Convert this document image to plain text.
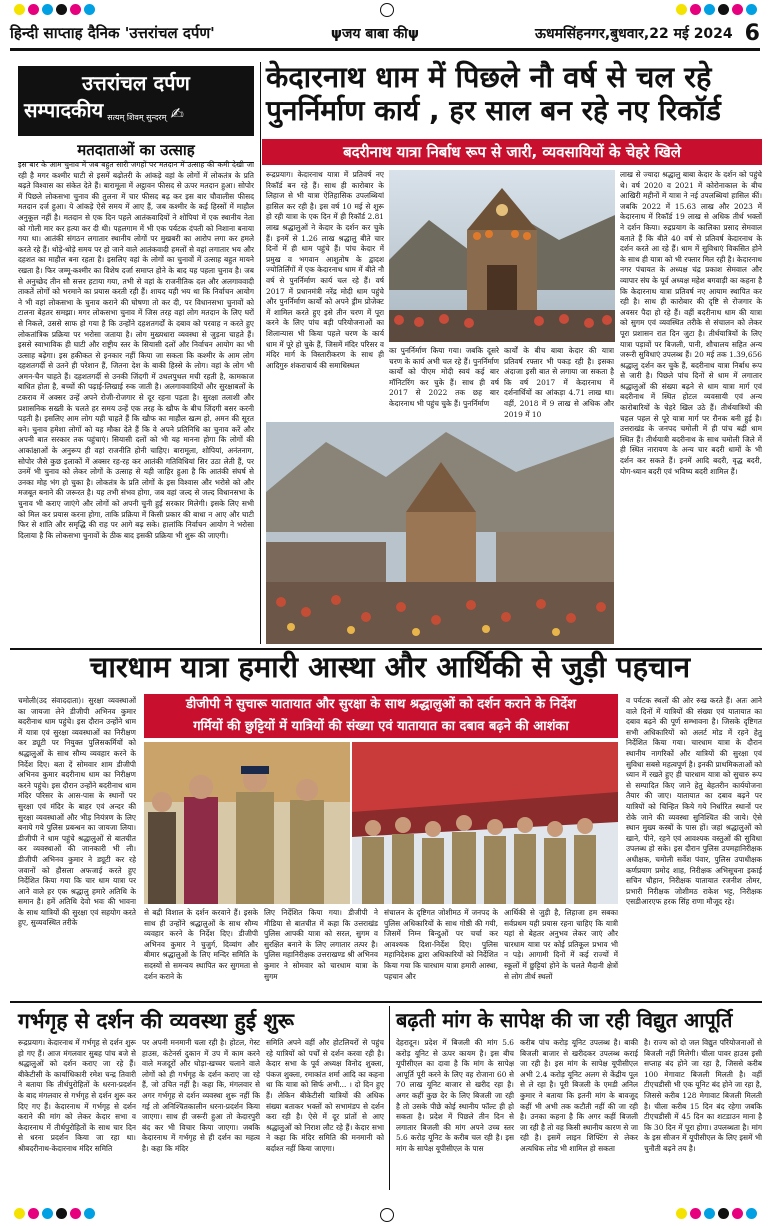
हिन्दी साप्ताह दैनिक 'उत्तरांचल दर्पण'	ψजय बाबा कीψ	ऊधमसिंहनगर,बुधवार,22 मई 2024 6
उत्तरांचल दर्पण
सम्पादकीय सत्यम् शिवम् सुन्दरम् ✍
मतदाताओं का उत्साह
इस बार के आम चुनाव में जब बहुत सारी जगहों पर मतदान में उत्साह की कमी देखी जा रही है मगर कश्मीर घाटी से इसमें बढ़ोतरी के आंकड़े वहां के लोगों में लोकतंत्र के प्रति बढ़ते विश्वास का संकेत देते हैं। बारामूला में अट्ठावन फीसद से ऊपर मतदान हुआ। सोपोर में पिछले लोकसभा चुनाव की तुलना में चार फीसद बढ़ कर इस बार चौवालीस फीसद मतदान दर्ज हुआ। ये आंकड़े ऐसे समय में आए हैं, जब कश्मीर के कई हिस्सों में माहौल अनुकूल नहीं है। मतदान से एक दिन पहले आतंकवादियों ने शोपियां में एक स्थानीय नेता को गोली मार कर हत्या कर दी थी। पहलगाम में भी एक पर्यटक दंपती को निशाना बनाया गया था। आतंकी संगठन लगातार स्थानीय लोगों पर मुखबरी का आरोप लगा कर हमले करते रहे हैं। थोड़े-थोड़े समय पर हो जाने वाले आतंकवादी हमलों से वहां लगातार भय और दहशत का माहौल बना रहता है। इसलिए वहां के लोगों का चुनावों में उत्साह बहुत मायने रखता है। फिर जम्मू-कश्मीर का विशेष दर्जा समाप्त होने के बाद यह पहला चुनाव है। जब से अनुच्छेद तीन सौ सत्तर हटाया गया, तभी से वहां के राजनीतिक दल और अलगाववादी ताकतें लोगों को भरमाने का प्रयास करती रही हैं। शायद यही भय था कि निर्वाचन आयोग ने भी वहां लोकसभा के चुनाव कराने की घोषणा तो कर दी, पर विधानसभा चुनावों को टालना बेहतर समझा। मगर लोकसभा चुनाव में जिस तरह वहां लोग मतदान के लिए घरों से निकले, उससे साफ हो गया है कि उन्होंने दहशतगर्दों के दबाव को परवाह न करते हुए लोकतांत्रिक प्रक्रिया पर भरोसा जताया है। लोग मुख्यधारा व्यवस्था से जुड़ना चाहते हैं। इससे स्वाभाविक ही घाटी और राष्ट्रीय स्तर के सियासी दलों और निर्वाचन आयोग का भी उत्साह बढ़ेगा। इस हकीकत से इनकार नहीं किया जा सकता कि कश्मीर के आम लोग दहशतगर्दी से उतने ही परेशान हैं, जितना देश के बाकी हिस्से के लोग। वहां के लोग भी अमन-चैन चाहते हैं। दहशतगर्दी से उनकी जिंदगी में उथलपुथल मची रहती है, कामकाज बाधित होता है, बच्चों की पढ़ाई-लिखाई रुक जाती है। अलगाववादियों और सुरक्षाबलों के टकराव में अक्सर उन्हें अपने रोजी-रोजगार से दूर रहना पड़ता है। सुरक्षा तलाशी और प्रशासनिक सख्ती के चलते हर समय उन्हें एक तरह के खौफ के बीच जिंदगी बसर करनी पड़ती है। इसलिए आम लोग यही चाहते हैं कि खौफ का माहौल खत्म हो, अमन की सूरत बने। चुनाव हमेशा लोगों को यह मौका देते हैं कि वे अपने प्रतिनिधि का चुनाव करें और अपनी बात सरकार तक पहुंचाएं। सियासी दलों को भी यह मानना होगा कि लोगों की आकांक्षाओं के अनुरूप ही वहां राजनीति होनी चाहिए। बारामूला, शोपियां, अनंतनाग, सोपोर जैसे कुछ इलाकों में अक्सर रह-रह कर आतंकी गतिविधियां सिर उठा लेती हैं, पर उनमें भी चुनाव को लेकर लोगों के उत्साह से यही जाहिर हुआ है कि आतंकी संघर्ष से उनका मोह भंग हो चुका है। लोकतंत्र के प्रति लोगों के इस विश्वास और भरोसे को और मजबूत बनाने की जरूरत है। यह तभी संभव होगा, जब वहां जल्द से जल्द विधानसभा के चुनाव भी कराए जाएंगे और लोगों को अपनी चुनी हुई सरकार मिलेगी। इसके लिए सभी को मिल कर प्रयास करना होगा, ताकि प्रक्रिया में किसी प्रकार की बाधा न आए और घाटी फिर से शांति और समृद्धि की राह पर आगे बढ़ सके। हालांकि निर्वाचन आयोग ने भरोसा दिलाया है कि लोकसभा चुनावों के ठीक बाद इसकी प्रक्रिया भी शुरू की जाएगी।
केदारनाथ धाम में पिछले नौ वर्ष से चल रहे
पुनर्निर्माण कार्य , हर साल बन रहे नए रिकॉर्ड
बदरीनाथ यात्रा निर्बाध रूप से जारी, व्यवसायियों के चेहरे खिले
रूद्रप्रयाग। केदारनाथ यात्रा में प्रतिवर्ष नए रिकॉर्ड बन रहे हैं। साथ ही कारोबार के लिहाज से भी यात्रा ऐतिहासिक उपलब्धियां हासिल कर रही है। इस वर्ष 10 मई से शुरू हो रही यात्रा के एक दिन में ही रिकॉर्ड 2.81 लाख श्रद्धालुओं ने केदार के दर्शन कर चुके हैं। इनमें से 1.26 लाख श्रद्धालु बीते चार दिनों में ही धाम पहुंचे हैं। पांच केदार में प्रमुख व भगवान आशुतोष के द्वादश ज्योतिर्लिंगों में एक केदारनाथ धाम में बीते नौ वर्ष से पुनर्निर्माण कार्य चल रहे हैं। वर्ष 2017 में प्रधानमंत्री नरेंद्र मोदी धाम पहुंचे और पुनर्निर्माण कार्यों को अपने ड्रीम प्रोजेक्ट में शामिल करते हुए इसे तीन चरण में पूरा करने के लिए पांच बड़ी परियोजनाओं का शिलान्यास भी किया पहले चरण के कार्य धाम में पूरे हो चुके हैं, जिसमें मंदिर परिसर व मंदिर मार्ग के विस्तारीकरण के साथ ही आदिगुरु शंकराचार्य की समाधिस्थल
का पुनर्निर्माण किया गया। जबकि दूसरे चरण के कार्य अभी चल रहे हैं। पुनर्निर्माण कार्यों को पीएम मोदी स्वयं कई बार मॉनिटरिंग कर चुके हैं। साथ ही वर्ष 2017 से 2022 तक छह बार केदारनाथ भी पहुंच चुके हैं। पुनर्निर्माण
कार्यों के बीच बाबा केदार की यात्रा प्रतिवर्ष रफ्तार भी पकड़ रही है। इसका अंदाजा इसी बात से लगाया जा सकता है कि वर्ष 2017 में केदारनाथ में दर्शनार्थियों का आंकड़ा 4.71 लाख था। वहीं, 2018 में 9 लाख से अधिक और 2019 में 10
लाख से ज्यादा श्रद्धालु बाबा केदार के दर्शन को पहुंचे थे। वर्ष 2020 व 2021 में कोरोनाकाल के बीच आखिरी महीनों में यात्रा ने नई उपलब्धियां हासिल कीं। जबकि 2022 में 15.63 लाख और 2023 में केदारनाथ में रिकॉर्ड 19 लाख से अधिक तीर्थ भक्तों ने दर्शन किया। रुद्रप्रयाग के कालिका प्रसाद सेमवाल बताते हैं कि बीते 40 वर्ष से प्रतिवर्ष केदारनाथ के दर्शन करते आ रहे हैं। धाम में सुविधाएं विकसित होने के साथ ही यात्रा को भी रफ्तार मिल रही है। केदारनाथ नगर पंचायत के अध्यक्ष चंद्र प्रकाश सेमवाल और व्यापार संघ के पूर्व अध्यक्ष महेश बगवाड़ी का कहना है कि केदारनाथ यात्रा प्रतिवर्ष नए आयाम स्थापित कर रही है। साथ ही कारोबार की दृष्टि से रोजगार के अवसर पैदा हो रहे हैं। वहीं बदरीनाथ धाम की यात्रा को सुगम एवं व्यवस्थित तरीके से संचालन को लेकर पूरा प्रशासन रात दिन जुटा है। तीर्थयात्रियों के लिए यात्रा पड़ावों पर बिजली, पानी, शौचालय सहित अन्य जरूरी सुविधाएं उपलब्ध हैं। 20 मई तक 1.39,656 श्रद्धालु दर्शन कर चुके हैं, बदरीनाथ यात्रा निर्बाध रूप से जारी है। पिछले पांच दिनों से धाम में लगातार श्रद्धालुओं की संख्या बढ़ने से धाम यात्रा मार्ग एवं बदरीनाथ में स्थित होटल व्यवसायी एवं अन्य कारोबारियों के चेहरे खिल उठे हैं। तीर्थयात्रियों की चहल पहल से पूरे यात्रा मार्ग पर रौनक बनी हुई है। उत्तराखंड के जनपद चमोली में ही पांच बद्री धाम स्थित हैं। तीर्थयात्री बदरीनाथ के साथ चमोली जिले में ही स्थित नारायण के अन्य चार बदरी धामों के भी दर्शन कर सकते हैं। इनमें आदि बदरी, वृद्ध बदरी, योग-ध्यान बदरी एवं भविष्य बदरी शामिल हैं।
चारधाम यात्रा हमारी आस्था और आर्थिकी से जुड़ी पहचान
चमोली(उद संवाददाता)। सुरक्षा व्यवस्थाओं का जायजा लेने डीजीपी अभिनव कुमार बदरीनाथ धाम पहुंचे। इस दौरान उन्होंने धाम में यात्रा एवं सुरक्षा व्यवस्थाओं का निरीक्षण कर ड्यूटी पर नियुक्त पुलिसकर्मियों को श्रद्धालुओं के साथ सौम्य व्यवहार करने के निर्देश दिए। बता दें सोमवार शाम डीजीपी अभिनव कुमार बदरीनाथ धाम का निरीक्षण करने पहुंचे। इस दौरान उन्होंने बदरीनाथ धाम मंदिर परिसर के आस-पास के स्थानों पर सुरक्षा एवं मंदिर के बाहर एवं अन्दर की सुरक्षा व्यवस्थाओं और भीड़ नियंत्रण के लिए बनाये गये पुलिस प्रबन्धन का जायजा लिया। डीजीपी ने धाम पहुंचे श्रद्धालुओं से बातचीत कर व्यवस्थाओं की जानकारी भी ली। डीजीपी अभिनव कुमार ने ड्यूटी कर रहे जवानों को हौसला अफजाई करते हुए निर्देशित किया गया कि चार धाम यात्रा पर आने वाले हर एक श्रद्धालु हमारे अतिथि के समान है। हमें अतिथि देवो भवः की भावना के साथ यात्रियों की सुरक्षा एवं सहयोग करते हुए, सुव्यवस्थित तरीके
डीजीपी ने सुचारू यातायात और सुरक्षा के साथ श्रद्धालुओं को दर्शन कराने के निर्देश
गर्मियों की छुट्टियों में यात्रियों की संख्या एवं यातायात का दबाव बढ़ने की आशंका
से बद्री विशाल के दर्शन करवाने हैं। इसके साथ ही उन्होंने श्रद्धालुओं के साथ सौम्य व्यवहार करने के निर्देश दिए। डीजीपी अभिनव कुमार ने चुजुर्ग, दिव्यांग और बीमार श्रद्धालुओं के लिए मन्दिर समिति के सदस्यों से समन्वय स्थापित कर सुगमता से दर्शन कराने के
लिए निर्देशित किया गया। डीजीपी ने मीडिया से बातचीत में कहा कि उत्तराखंड पुलिस आपकी यात्रा को सरल, सुगम व सुरक्षित बनाने के लिए लगातार तत्पर है। पुलिस महानिरीक्षक उत्तराखण्ड श्री अभिनव कुमार ने सोमवार को चारधाम यात्रा के सुगम
संचालन के दृष्टिगत जोशीमठ में जनपद के पुलिस अधिकारियों के साथ गोष्ठी की गयी, जिसमें निम्न बिन्दुओं पर चर्चा कर आवश्यक दिशा-निर्देश दिए। पुलिस महानिदेशक द्वारा अधिकारियों को निर्देशित किया गया कि चारधाम यात्रा हमारी आस्था, पहचान और
आर्थिकी से जुड़ी है, लिहाजा हम सबका सर्वप्रथम यही प्रयास रहना चाहिए कि यात्री यहां से बेहतर अनुभव लेकर जाएं और चारधाम यात्रा पर कोई प्रतिकूल प्रभाव भी न पड़े। आगामी दिनों में कई राज्यों में स्कूलों में छुट्टियां होने के चलते मैदानी क्षेत्रों से लोग तीर्थ स्थलों
व पर्यटक स्थलों की ओर रुख करते हैं। अतः आने वाले दिनों में यात्रियों की संख्या एवं यातायात का दबाव बढ़ने की पूर्ण सम्भावना है। जिसके दृष्टिगत सभी अधिकारियों को अलर्ट मोड में रहने हेतु निर्देशित किया गया। चारधाम यात्रा के दौरान स्थानीय नागरिकों और यात्रियों की सुरक्षा एवं सुविधा सबसे महत्वपूर्ण है। इनकी प्राथमिकताओं को ध्यान में रखते हुए ही चारधाम यात्रा को सुचारु रूप से सम्पादित किए जाने हेतु बेहतरीन कार्ययोजना तैयार की जाए। यातायात का दबाव बढ़ने पर यात्रियों को चिन्हित किये गये निर्धारित स्थानों पर रोके जाने की व्यवस्था सुनिश्चित की जाये। ऐसे स्थान मुख्य कस्बों के पास हों। जहां श्रद्धालुओं को खाने, पीने, रहने एवं आवश्यक वस्तुओं की सुविधा उपलब्ध हो सके। इस दौरान पुलिस उपमहानिरीक्षक अधीक्षक, चमोली सर्वेश पंवार, पुलिस उपाधीक्षक कर्णप्रयाग प्रमोद शाह, निरीक्षक अभिसूचना इकाई सचिन चौहान, निरीक्षक यातायात रजनीश तोमर, प्रभारी निरीक्षक जोशीमठ राकेश भट्ट, निरीक्षक एसडीआरएफ हरक सिंह राणा मौजूद रहे।
गर्भगृह से दर्शन की व्यवस्था हुई शुरू
रूद्रप्रयाग। केदारनाथ में गर्भगृह से दर्शन शुरू हो गए हैं। आज मंगलवार सुबह पांच बजे से श्रद्धालुओं को दर्शन कराए जा रहे हैं। बीकेटीसी के कार्याधिकारी रमेश चन्द्र तिवारी ने बताया कि तीर्थपुरोहितों के धरना-प्रदर्शन के बाद मंगलवार से गर्भगृह से दर्शन शुरू कर दिए गए हैं। केदारनाथ में गर्भगृह से दर्शन कराने की मांग को लेकर केदार सभा व केदारनाथ में तीर्थपुरोहितों के साथ चार दिन से धरना प्रदर्शन किया जा रहा था। श्रीबदरीनाथ-केदारनाथ मंदिर समिति
पर अपनी मनमानी चला रही है। होटल, गेस्ट हाउस, कंटेनर्स दुकान में उप में काम करने वाले मजदूरों और घोड़ा-खच्चर चलाने वाले लोगों को ही गर्भगृह के दर्शन कराए जा रहे हैं, जो उचित नहीं है। कहा कि, मंगलवार से अगर गर्भगृह से दर्शन व्यवस्था शुरू नहीं कि गई तो अनिश्चितकालीन धरना-प्रदर्शन किया जाएगा। साथ ही जरूरी हुआ तो केदारपुरी बंद कर भी विचार किया जाएगा। जबकि केदारनाथ में गर्भगृह से ही दर्शन का महत्व है। कहा कि मंदिर
समिति अपने वहीं और होटलियरों से पहुंच रहे यात्रियों को पर्चों से दर्शन करवा रही है। केदार सभा के पूर्व अध्यक्ष विनोद शुक्ला, पंकज शुक्ला, रमाकांत शर्मा आदि का कहना था कि यात्रा को सिर्फ अभी... । दो दिन हुए हैं। लेकिन बीकेटीसी यात्रियों की अधिक संख्या बताकर भक्तों को सभामंडप से दर्शन करा रही है। ऐसे में दूर प्रांतों से आए श्रद्धालुओं को निराश लौट रहे हैं। केदार सभा ने कहा कि मंदिर समिति की मनमानी को बर्दाश्त नहीं किया जाएगा।
बढ़ती मांग के सापेक्ष की जा रही विद्युत आपूर्ति
देहरादून। प्रदेश में बिजली की मांग 5.6 करोड़ यूनिट से ऊपर कायम है। इस बीच यूपीसीएल का दावा है कि मांग के सापेक्ष आपूर्ति पूरी करने के लिए वह रोजाना 60 से 70 लाख यूनिट बाजार से खरीद रहा है। अगर कहीं कुछ देर के लिए बिजली जा रही है तो उसके पीछे कोई स्थानीय फॉल्ट ही हो सकता है। प्रदेश में पिछले तीन दिन से लगातार बिजली की मांग अपने उच्च स्तर 5.6 करोड़ यूनिट के करीब चल रही है। इस मांग के सापेक्ष यूपीसीएल के पास
करीब पांच करोड़ यूनिट उपलब्ध है। बाकी बिजली बाजार से खरीदकर उपलब्ध कराई जा रही है। इस मांग के सापेक्ष यूपीसीएल अभी 2.4 करोड़ यूनिट अलग से केंद्रीय पूल से ले रहा है। पूरी बिजली के एमडी अनिल कुमार ने बताया कि इतनी मांग के बावजूद कहीं भी अभी तक कटौती नहीं की जा रही है। उनका कहना है कि अगर कहीं बिजली जा रही है तो वह किसी स्थानीय कारण से जा रही है। इसमें लाइन शिफ्टिंग से लेकर अत्यधिक लोड भी शामिल हो सकता
है। राज्य को दो जल विद्युत परियोजनाओं से बिजली नहीं मिलेगी। चीला पावर हाउस इसी सप्ताह बंद होने जा रहा है, जिससे करीब 100 मेगावाट बिजली मिलती है। वहीं टीएचडीसी भी एक यूनिट बंद होने जा रहा है, जिससे करीब 128 मेगावाट बिजली मिलती है। चीला करीब 15 दिन बंद रहेगा जबकि टीएचडीसी में 45 दिन का शटडाउन माना है कि 30 दिन में पूरा होगा। उपलब्धता है। मांग के इस सीजन में यूपीसीएल के लिए इसमें भी चुनौती बढ़ने तय है।
